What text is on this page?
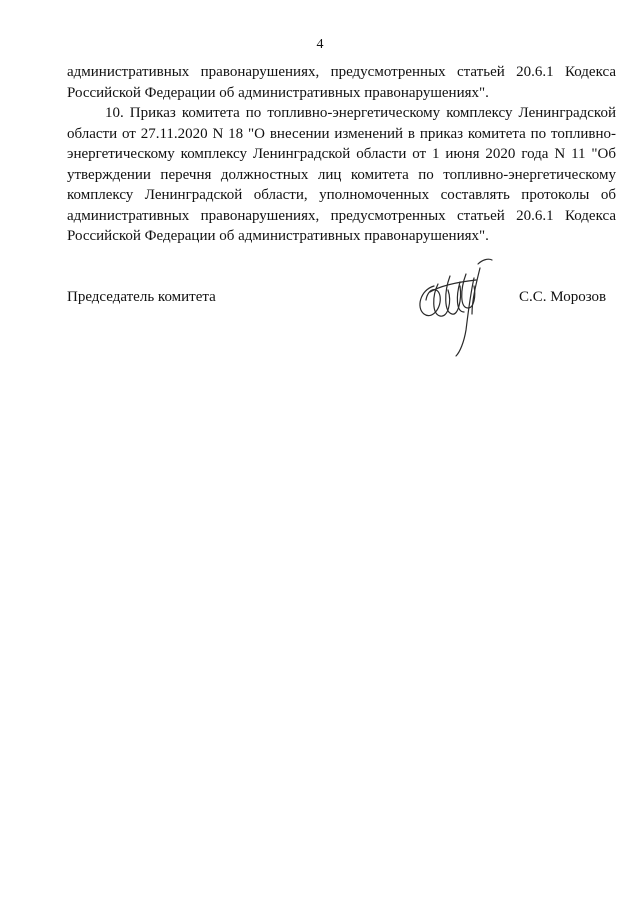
4

административных правонарушениях, предусмотренных статьей 20.6.1 Кодекса Российской Федерации об административных правонарушениях".

10. Приказ комитета по топливно-энергетическому комплексу Ленинградской области от 27.11.2020 N 18 "О внесении изменений в приказ комитета по топливно-энергетическому комплексу Ленинградской области от 1 июня 2020 года N 11 "Об утверждении перечня должностных лиц комитета по топливно-энергетическому комплексу Ленинградской области, уполномоченных составлять протоколы об административных правонарушениях, предусмотренных статьей 20.6.1 Кодекса Российской Федерации об административных правонарушениях".

Председатель комитета	С.С. Морозов
